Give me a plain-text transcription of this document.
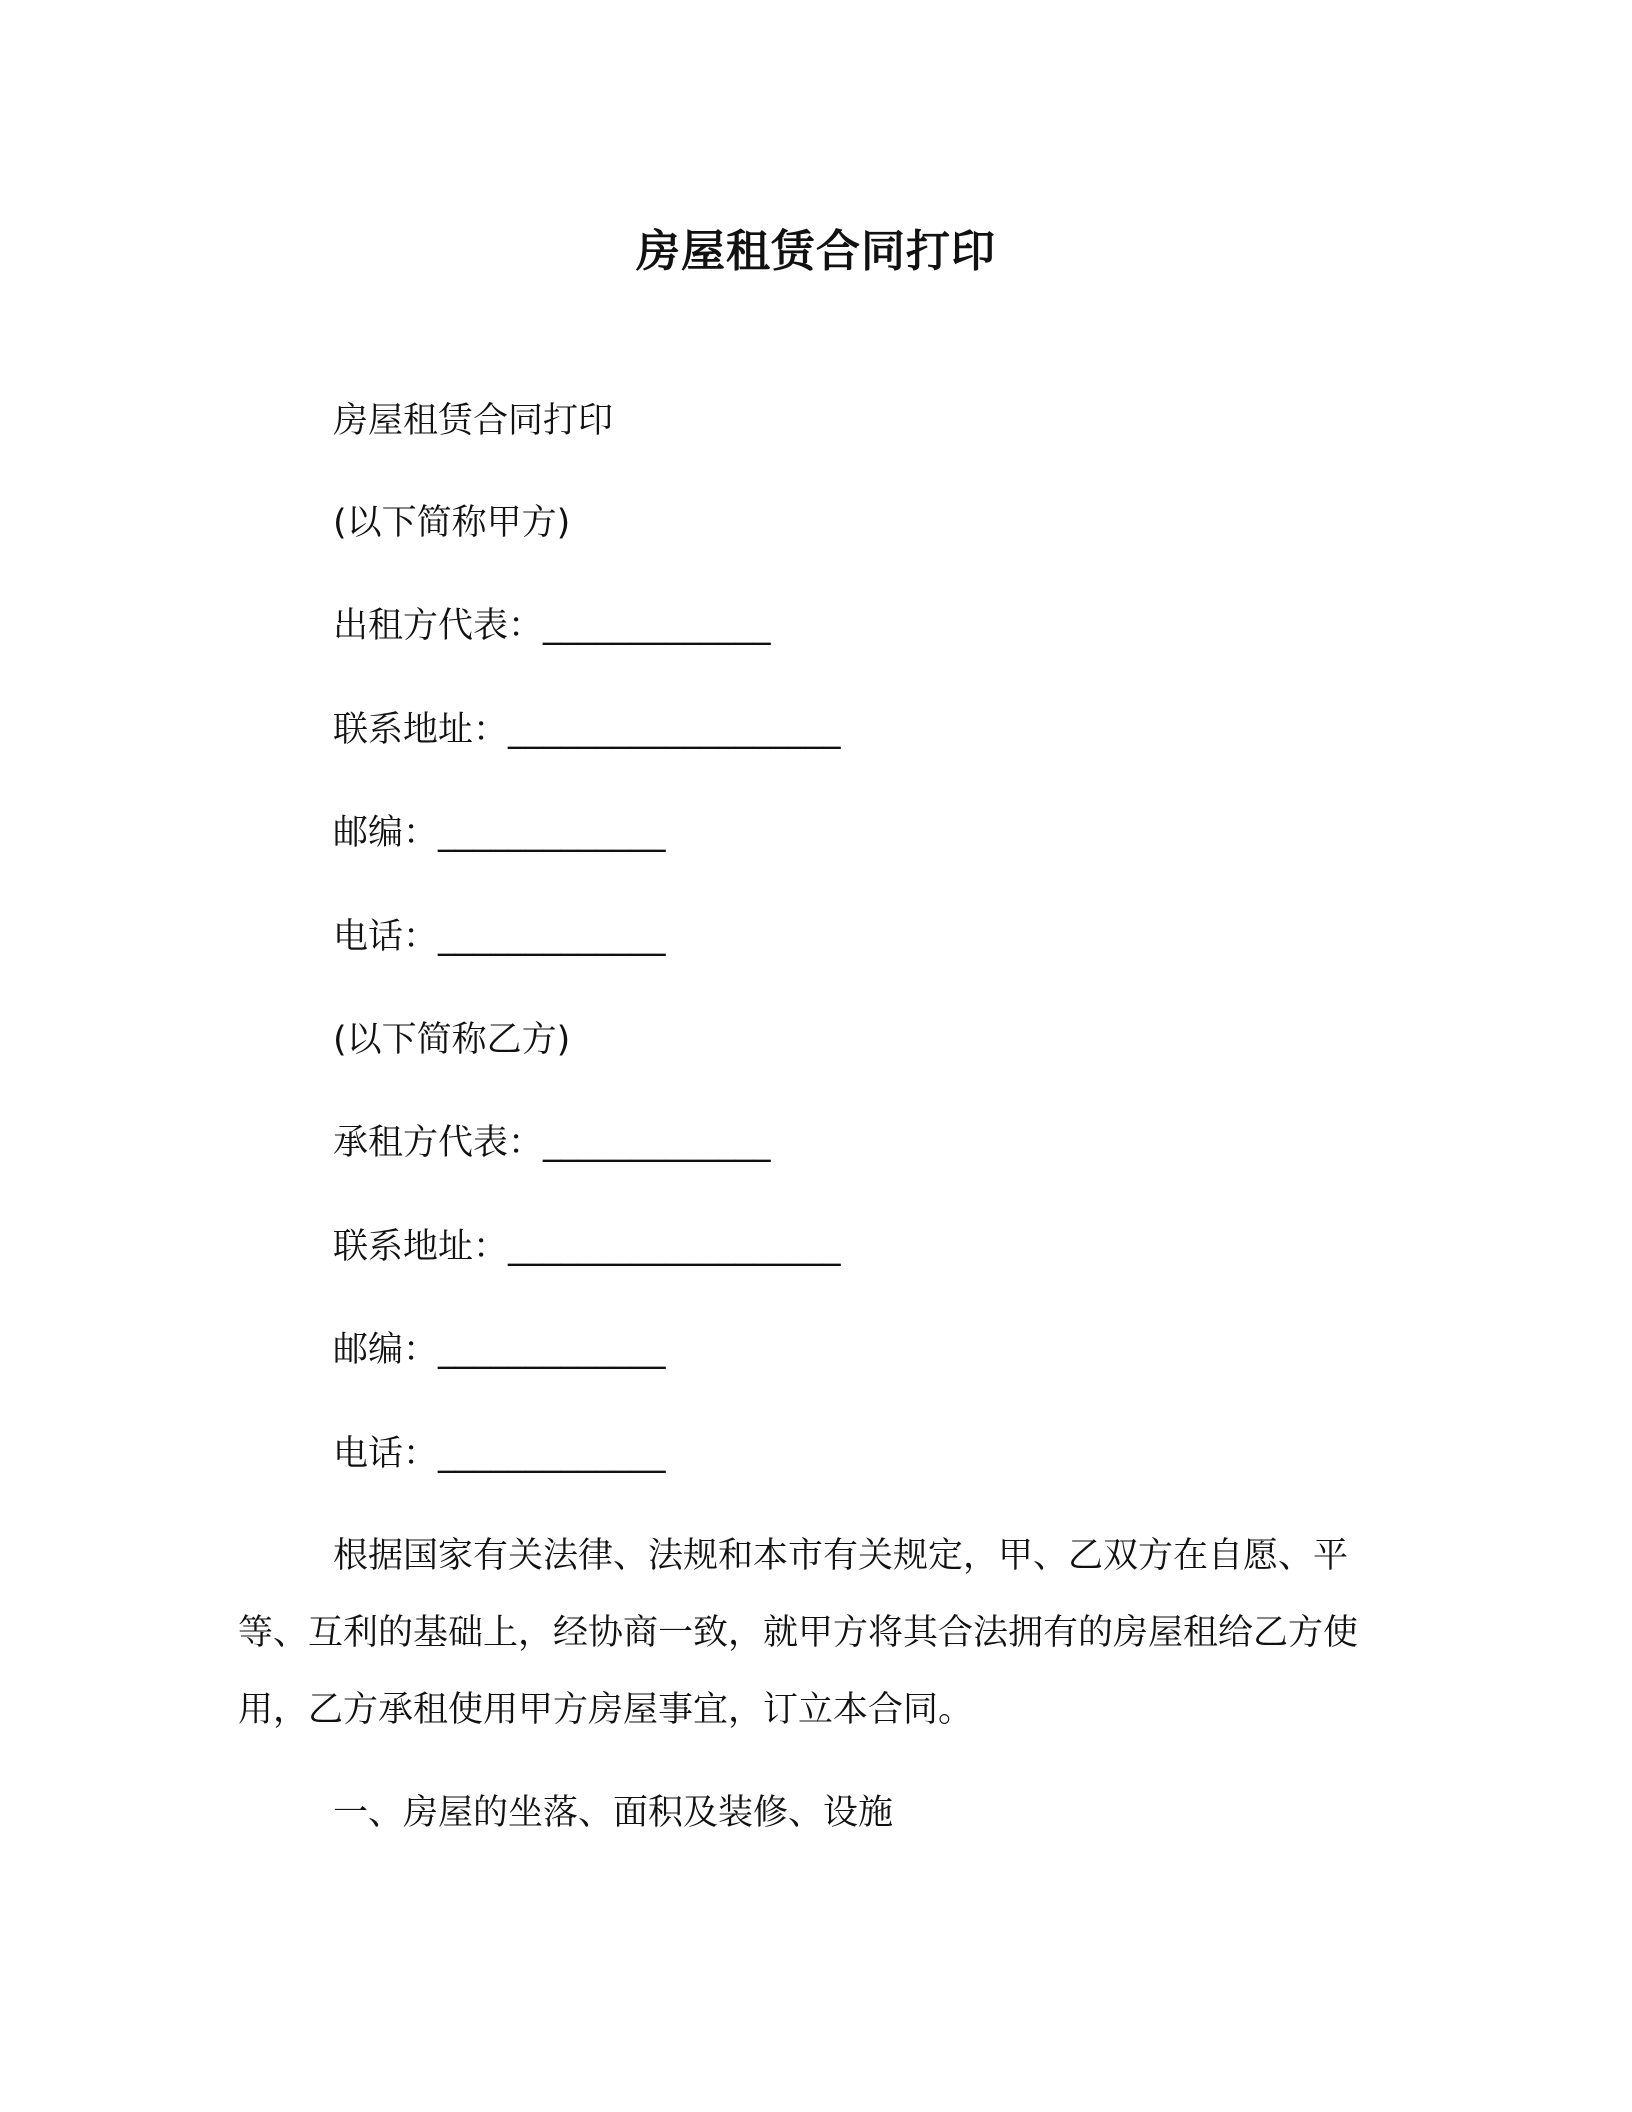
房屋租赁合同打印
房屋租赁合同打印
(以下简称甲方)
出租方代表：_____________
联系地址：___________________
邮编：_____________
电话：_____________
(以下简称乙方)
承租方代表：_____________
联系地址：___________________
邮编：_____________
电话：_____________
根据国家有关法律、法规和本市有关规定，甲、乙双方在自愿、平等、互利的基础上，经协商一致，就甲方将其合法拥有的房屋租给乙方使用，乙方承租使用甲方房屋事宜，订立本合同。
一、房屋的坐落、面积及装修、设施
